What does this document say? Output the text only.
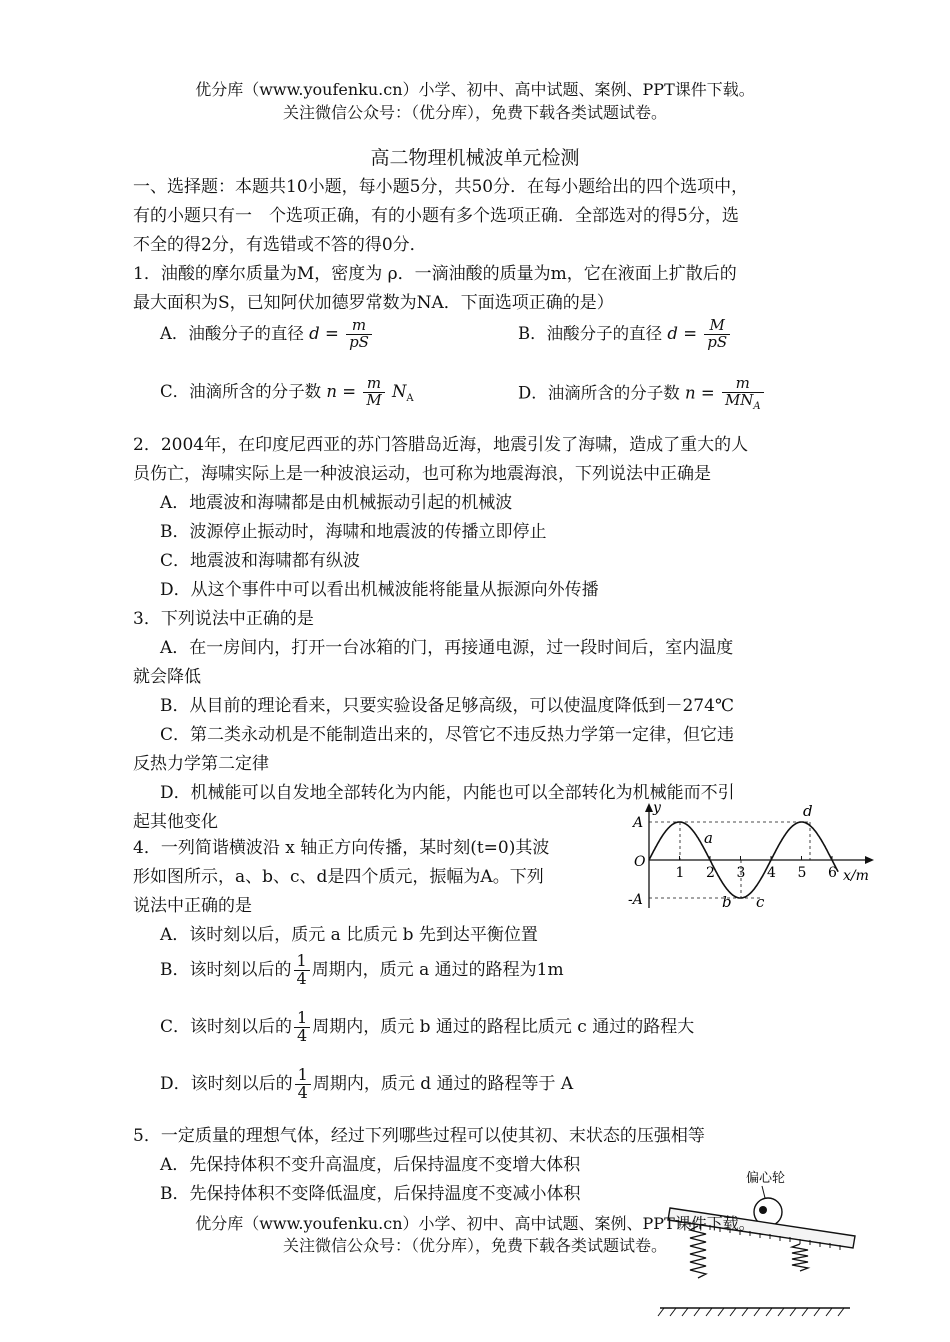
优分库（www.youfenku.cn）小学、初中、高中试题、案例、PPT课件下载。
关注微信公众号：（优分库），免费下载各类试题试卷。
高二物理机械波单元检测
一、选择题：本题共10小题，每小题5分，共50分．在每小题给出的四个选项中，
有的小题只有一　个选项正确，有的小题有多个选项正确．全部选对的得5分，选
不全的得2分，有选错或不答的得0分．
1．油酸的摩尔质量为M，密度为 ρ．一滴油酸的质量为m，它在液面上扩散后的
最大面积为S，已知阿伏加德罗常数为NA．下面选项正确的是）
A．油酸分子的直径 $d = \frac{m}{pS}$	B．油酸分子的直径 $d = \frac{M}{pS}$
C．油滴所含的分子数 $n = \frac{m}{M} N_A$	D．油滴所含的分子数 $n = \frac{m}{MN_A}$
2．2004年，在印度尼西亚的苏门答腊岛近海，地震引发了海啸，造成了重大的人
员伤亡，海啸实际上是一种波浪运动，也可称为地震海浪，下列说法中正确是
A．地震波和海啸都是由机械振动引起的机械波
B．波源停止振动时，海啸和地震波的传播立即停止
C．地震波和海啸都有纵波
D．从这个事件中可以看出机械波能将能量从振源向外传播
3．下列说法中正确的是
A．在一房间内，打开一台冰箱的门，再接通电源，过一段时间后，室内温度
就会降低
B．从目前的理论看来，只要实验设备足够高级，可以使温度降低到－274℃
C．第二类永动机是不能制造出来的，尽管它不违反热力学第一定律，但它违
反热力学第二定律
D．机械能可以自发地全部转化为内能，内能也可以全部转化为机械能而不引
起其他变化
4．一列简谐横波沿 x 轴正方向传播，某时刻(t=0)其波
形如图所示，a、b、c、d是四个质元，振幅为A。下列
说法中正确的是
y
x/m
O
A
-A
1 2 3 4 5 6
a
b c
d
A．该时刻以后，质元 a 比质元 b 先到达平衡位置
B．该时刻以后的 $\frac{1}{4}$ 周期内，质元 a 通过的路程为1m
C．该时刻以后的 $\frac{1}{4}$ 周期内，质元 b 通过的路程比质元 c 通过的路程大
D．该时刻以后的 $\frac{1}{4}$ 周期内，质元 d 通过的路程等于 A
5．一定质量的理想气体，经过下列哪些过程可以使其初、末状态的压强相等
A．先保持体积不变升高温度，后保持温度不变增大体积
B．先保持体积不变降低温度，后保持温度不变减小体积
偏心轮
优分库（www.youfenku.cn）小学、初中、高中试题、案例、PPT课件下载。
关注微信公众号：（优分库），免费下载各类试题试卷。
